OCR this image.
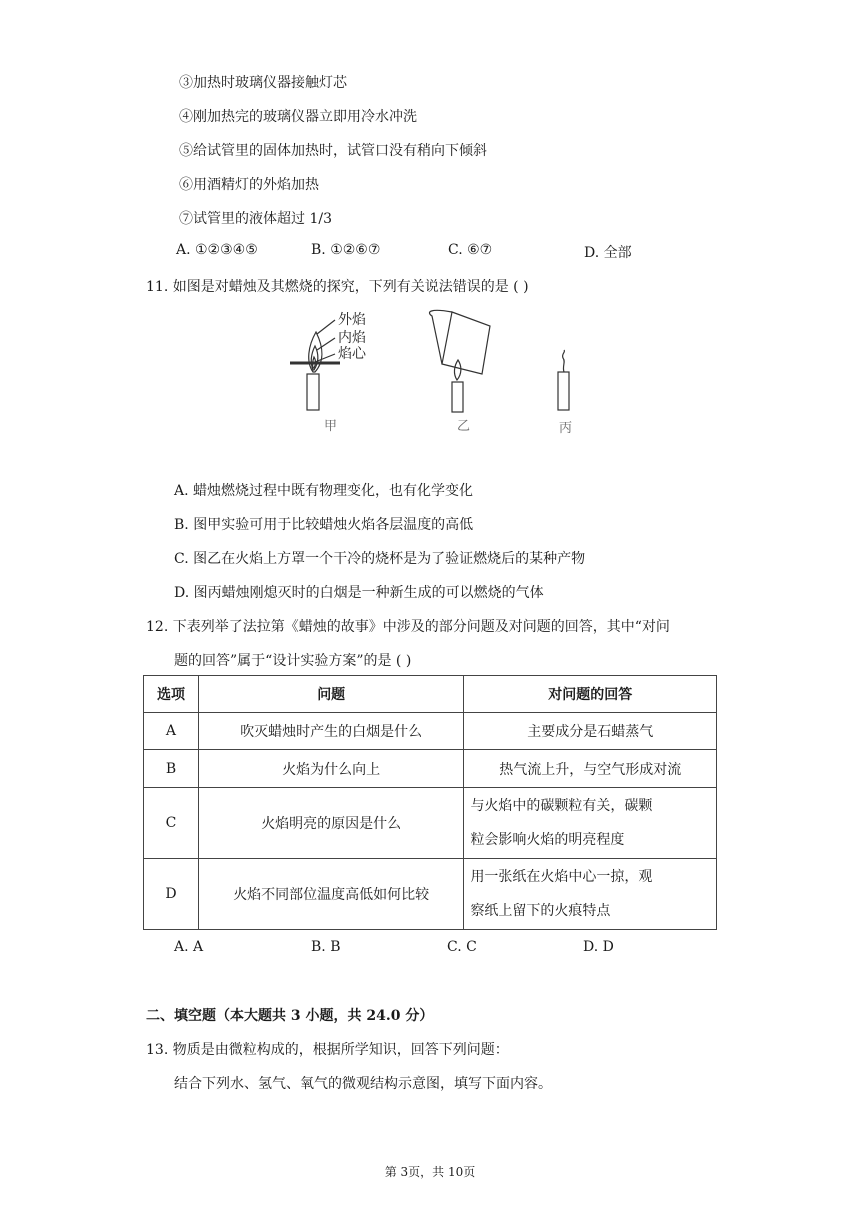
③加热时玻璃仪器接触灯芯
④刚加热完的玻璃仪器立即用冷水冲洗
⑤给试管里的固体加热时，试管口没有稍向下倾斜
⑥用酒精灯的外焰加热
⑦试管里的液体超过 1/3
A. ①②③④⑤	B. ①②⑥⑦	C. ⑥⑦	D. 全部
11. 如图是对蜡烛及其燃烧的探究，下列有关说法错误的是 ( )
外焰
内焰
焰心
甲	乙	丙
A. 蜡烛燃烧过程中既有物理变化，也有化学变化
B. 图甲实验可用于比较蜡烛火焰各层温度的高低
C. 图乙在火焰上方罩一个干冷的烧杯是为了验证燃烧后的某种产物
D. 图丙蜡烛刚熄灭时的白烟是一种新生成的可以燃烧的气体
12. 下表列举了法拉第《蜡烛的故事》中涉及的部分问题及对问题的回答，其中“对问
题的回答”属于“设计实验方案”的是 ( )
选项	问题	对问题的回答
A	吹灭蜡烛时产生的白烟是什么	主要成分是石蜡蒸气
B	火焰为什么向上	热气流上升，与空气形成对流
C	火焰明亮的原因是什么	与火焰中的碳颗粒有关，碳颗
粒会影响火焰的明亮程度

D	火焰不同部位温度高低如何比较	用一张纸在火焰中心一掠，观
察纸上留下的火痕特点
A. A	B. B	C. C	D. D
二、填空题（本大题共 3 小题，共 24.0 分）
13. 物质是由微粒构成的，根据所学知识，回答下列问题：
结合下列水、氢气、氧气的微观结构示意图，填写下面内容。
第 3页，共 10页
